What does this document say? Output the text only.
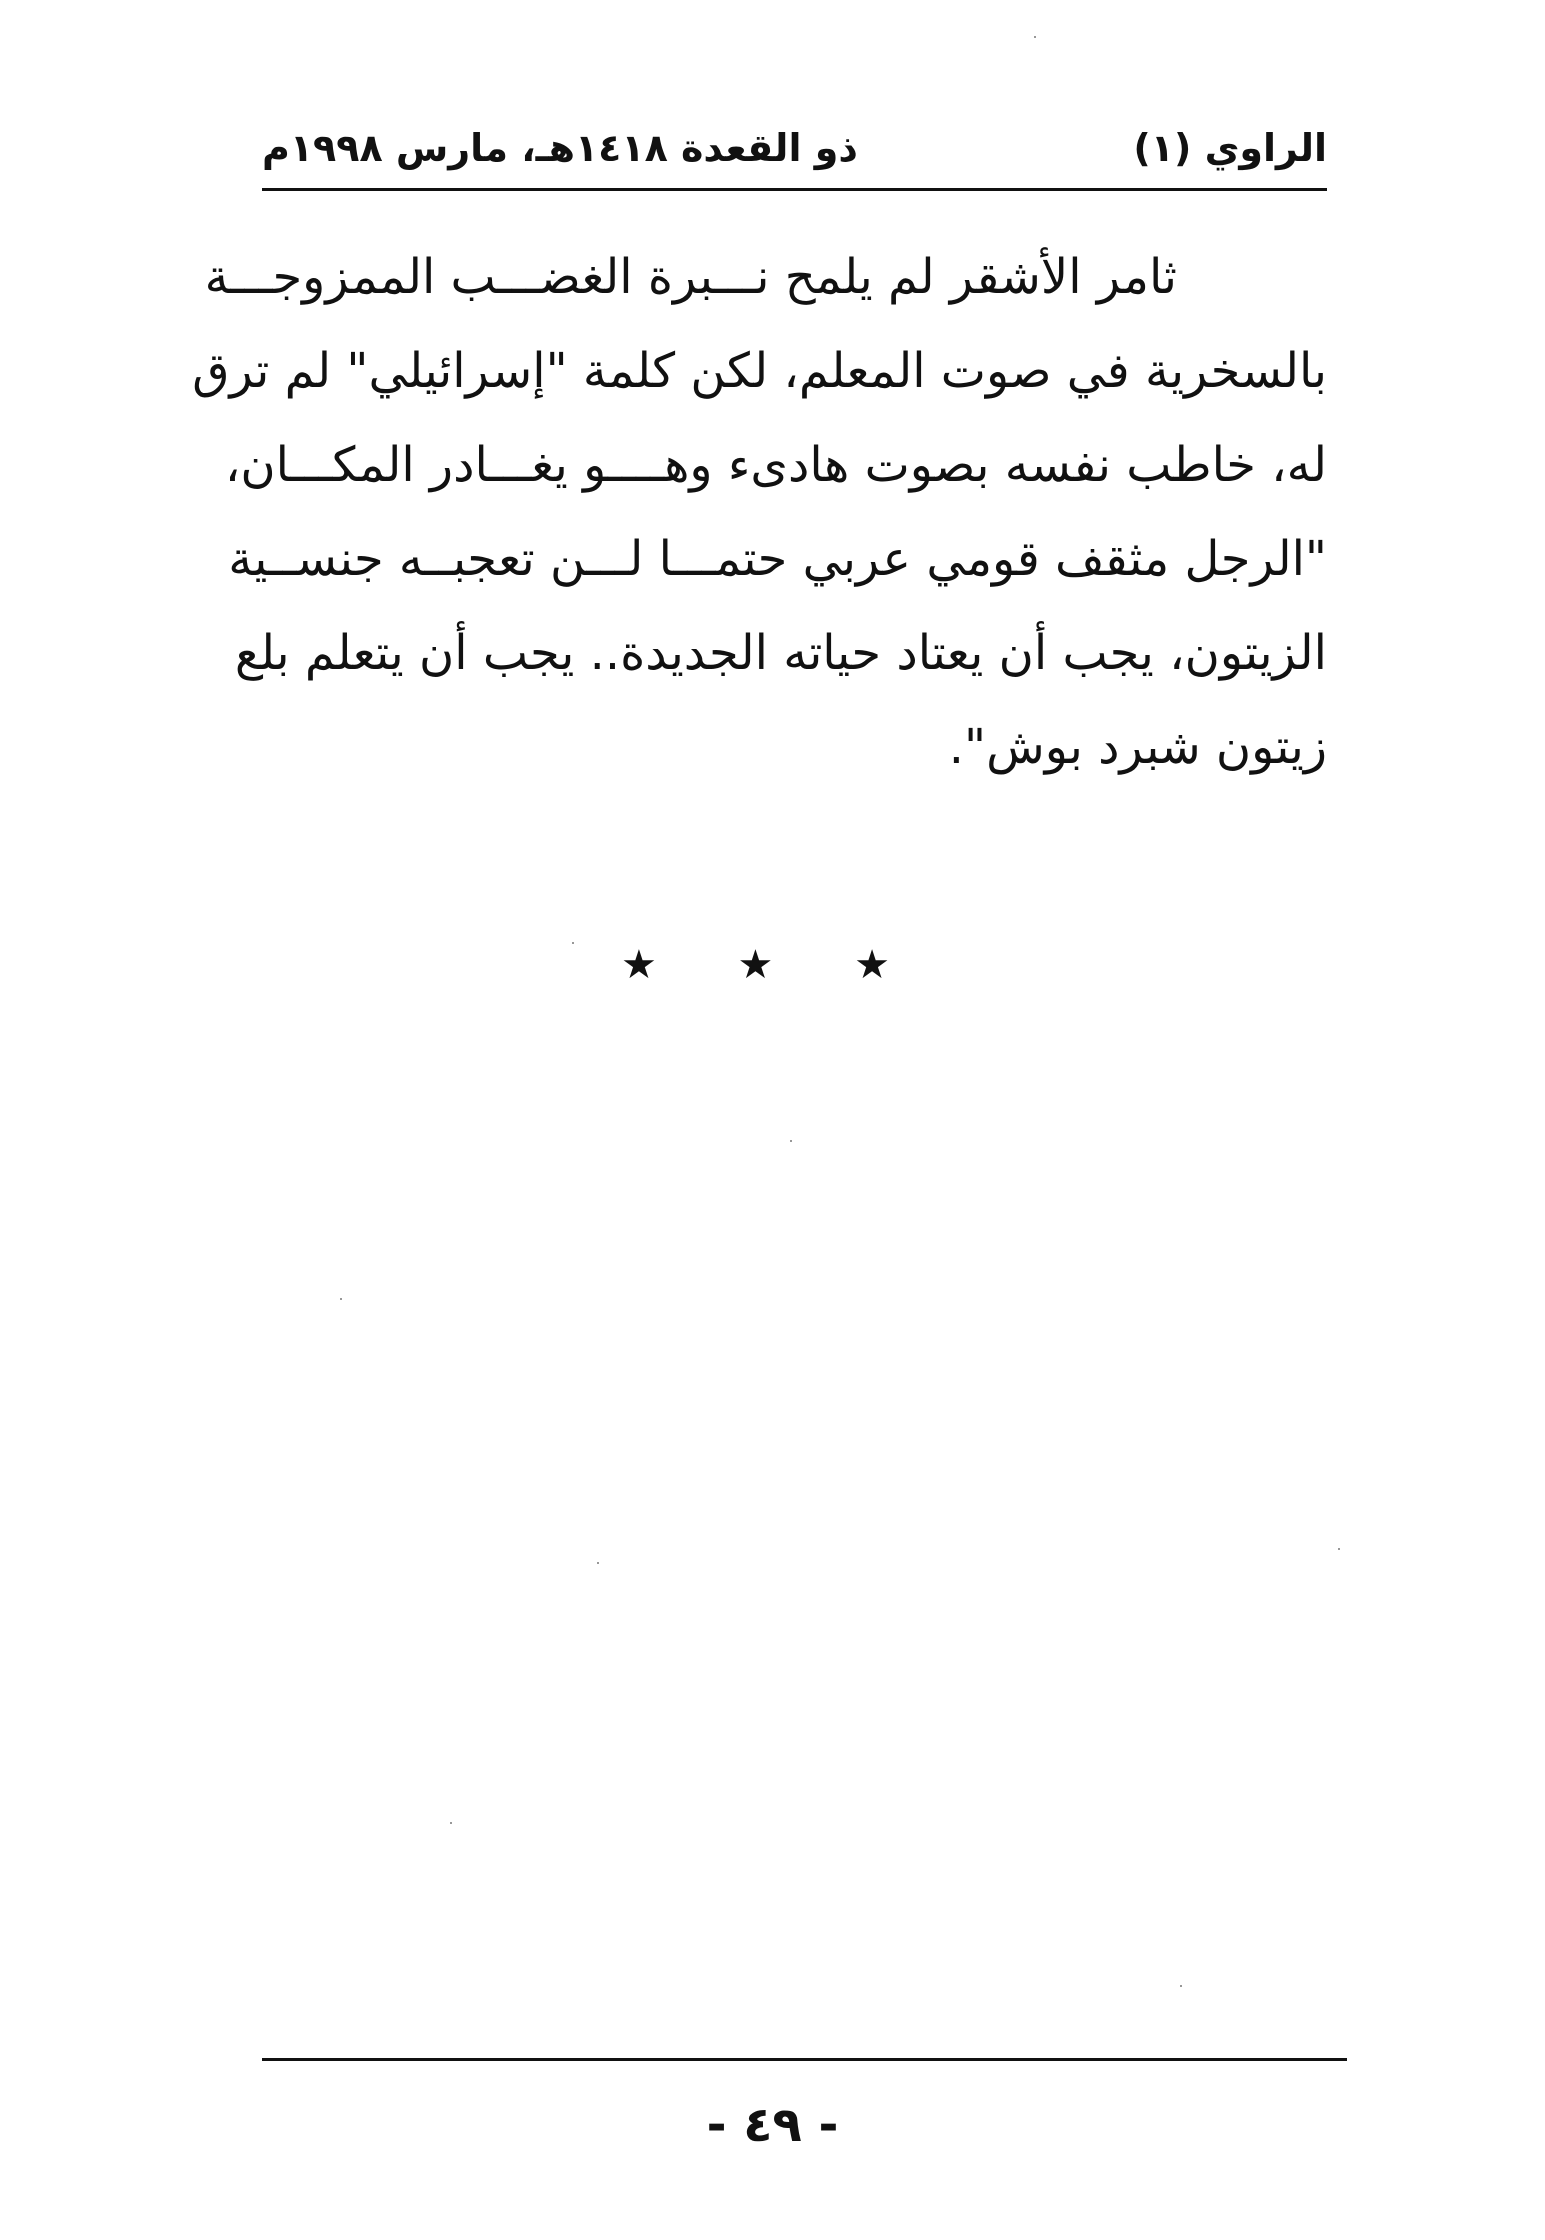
الراوي (١)
ذو القعدة ١٤١٨هـ، مارس ١٩٩٨م
ثامر الأشقر لم يلمح نـــبرة الغضـــب الممزوجـــة
بالسخرية في صوت المعلم، لكن كلمة "إسرائيلي" لم ترق
له، خاطب نفسه بصوت هادىء وهــــو يغـــادر المكـــان،
"الرجل مثقف قومي عربي حتمـــا لـــن تعجبــه جنســية
الزيتون، يجب أن يعتاد حياته الجديدة.. يجب أن يتعلم بلع
زيتون شبرد بوش".
★ ★ ★
- ٤٩ -
